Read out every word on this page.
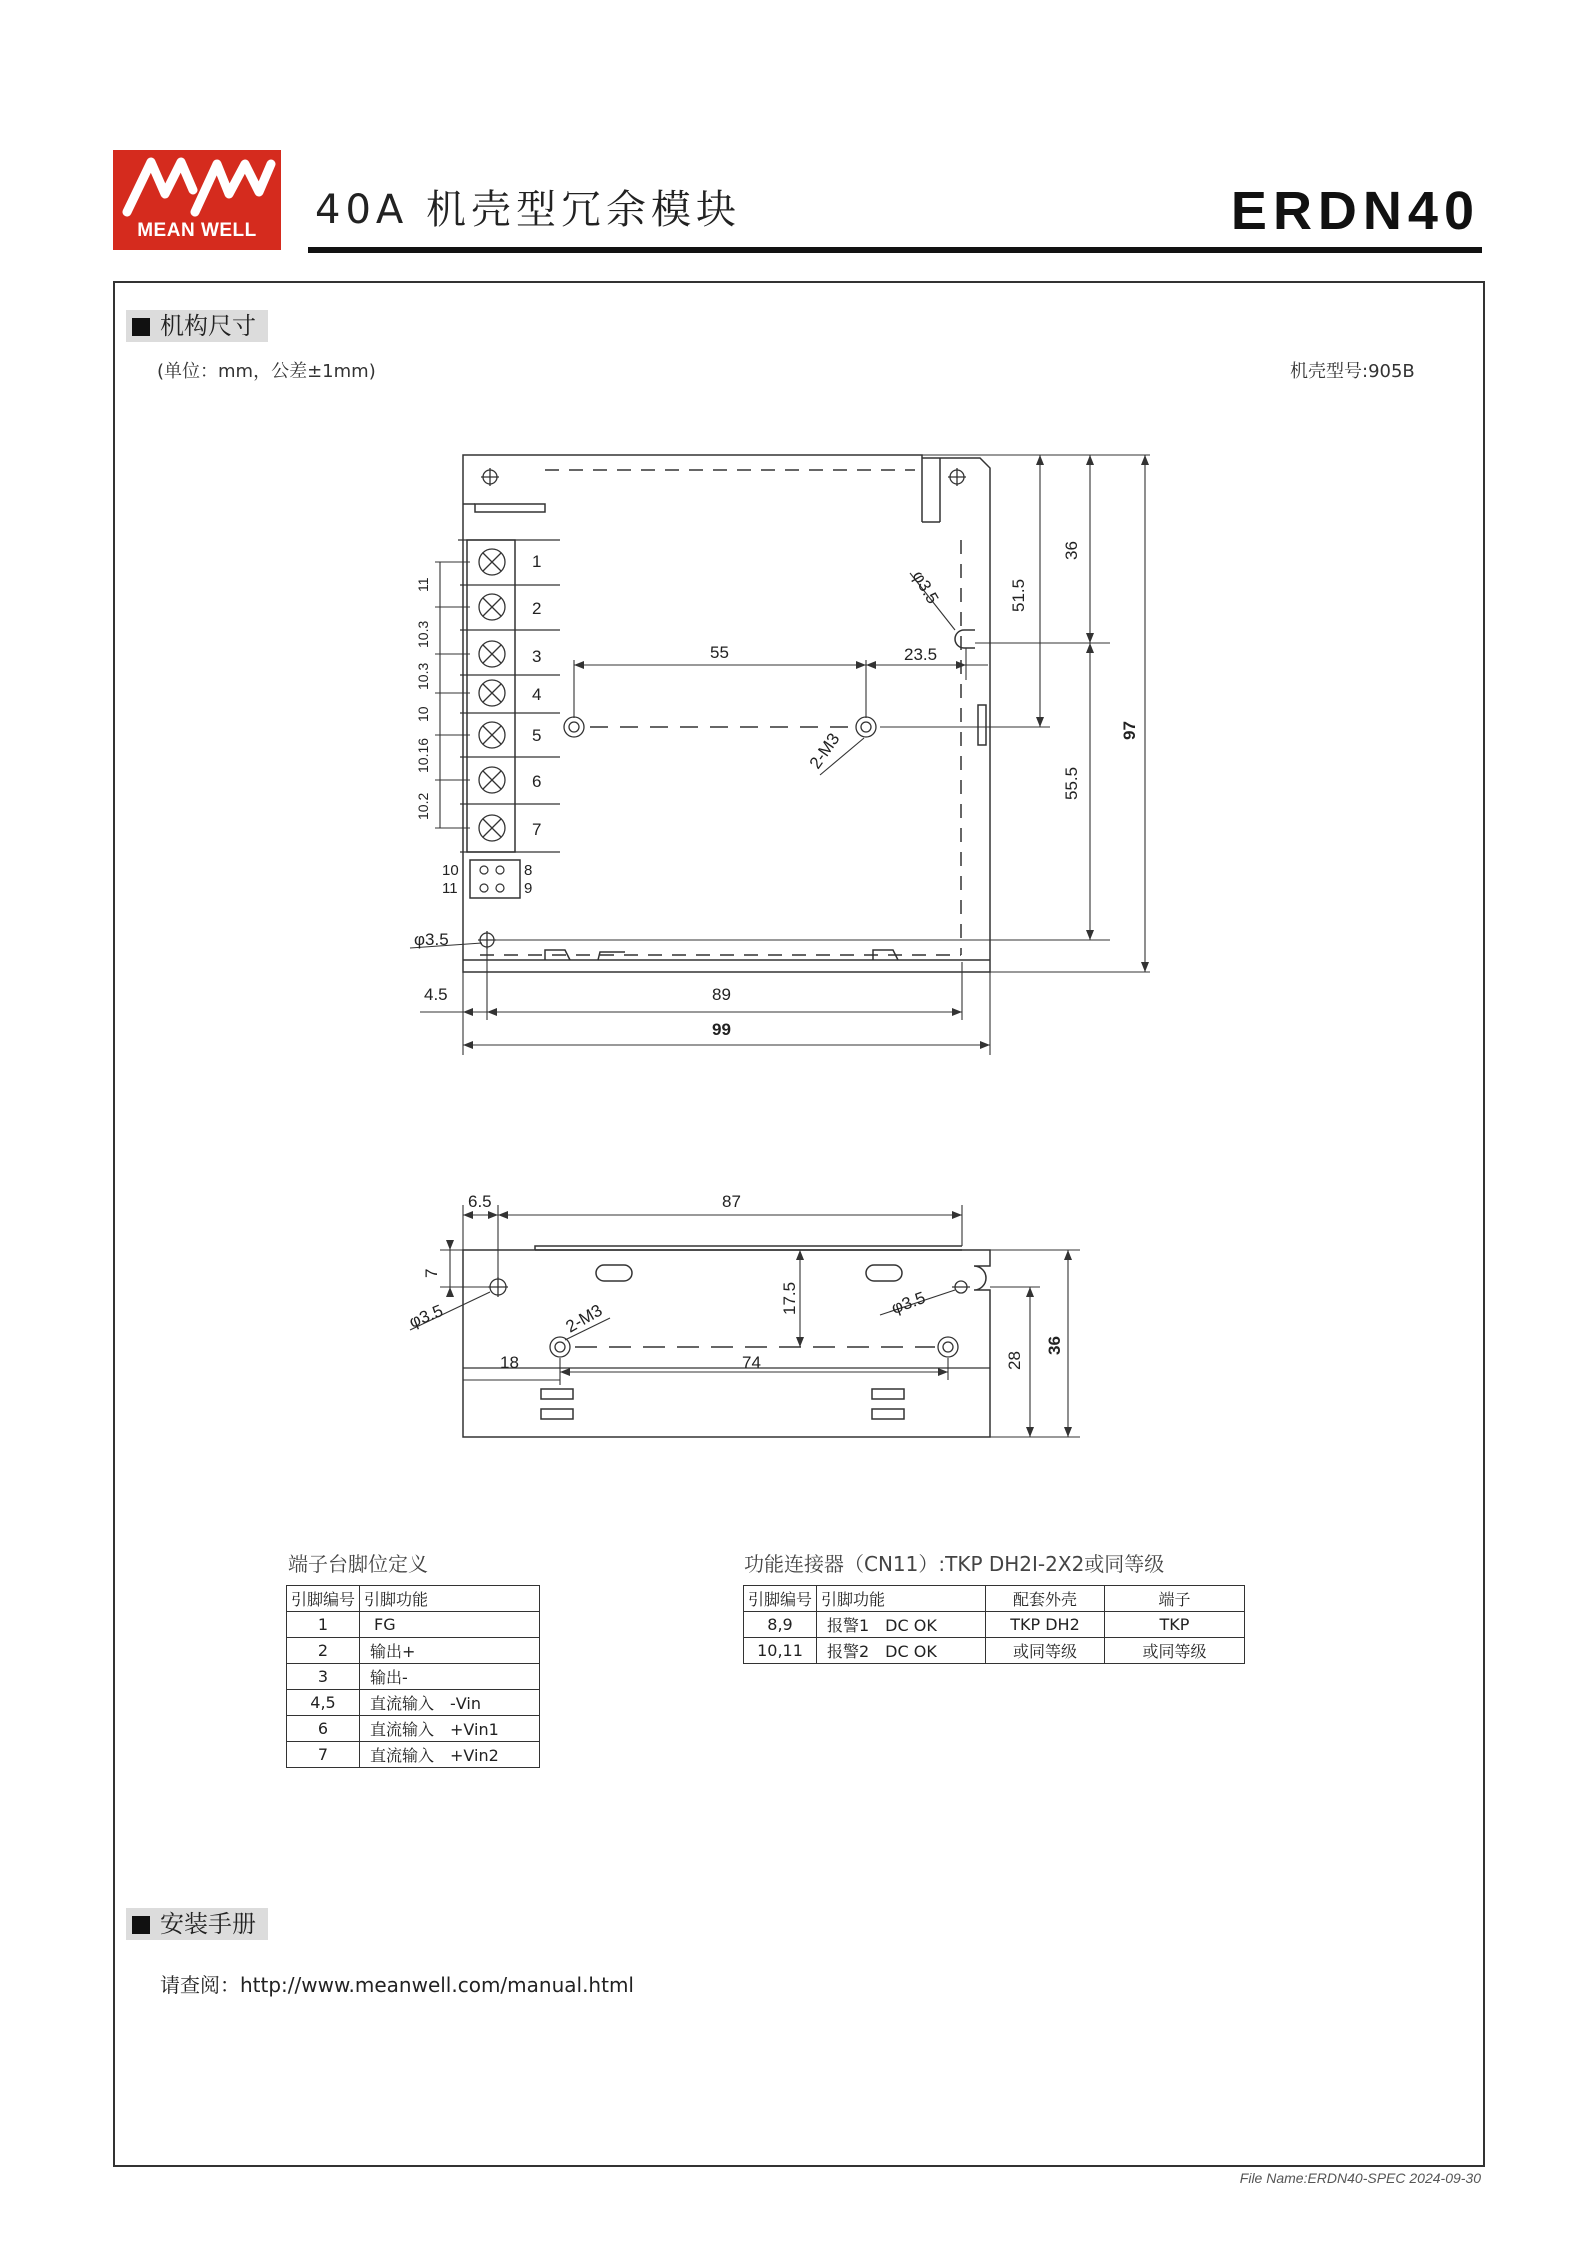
MEAN WELL	40A 机壳型冗余模块	ERDN40
机构尺寸
(单位：mm，公差±1mm)	机壳型号:905B
1
2
3
4
5
6
7
10
11
8
9
11
10.3
10.3
10
10.16
10.2
55	23.5
51.5
36
55.5
97
4.5	89
99
φ3.5
φ3.5
2-M3
6.5	87
7
17.5
18	74	28
36
φ3.5	φ3.5
2-M3
端子台脚位定义
引脚编号	引脚功能
1	FG
2	输出+
3	输出-
4,5	直流输入　-Vin
6	直流输入　+Vin1
7	直流输入　+Vin2
功能连接器（CN11）:TKP DH2I-2X2或同等级
引脚编号	引脚功能	配套外壳	端子
8,9	报警1　DC OK	TKP DH2	TKP
10,11	报警2　DC OK	或同等级	或同等级
安装手册
请查阅：http://www.meanwell.com/manual.html
File Name:ERDN40-SPEC 2024-09-30
